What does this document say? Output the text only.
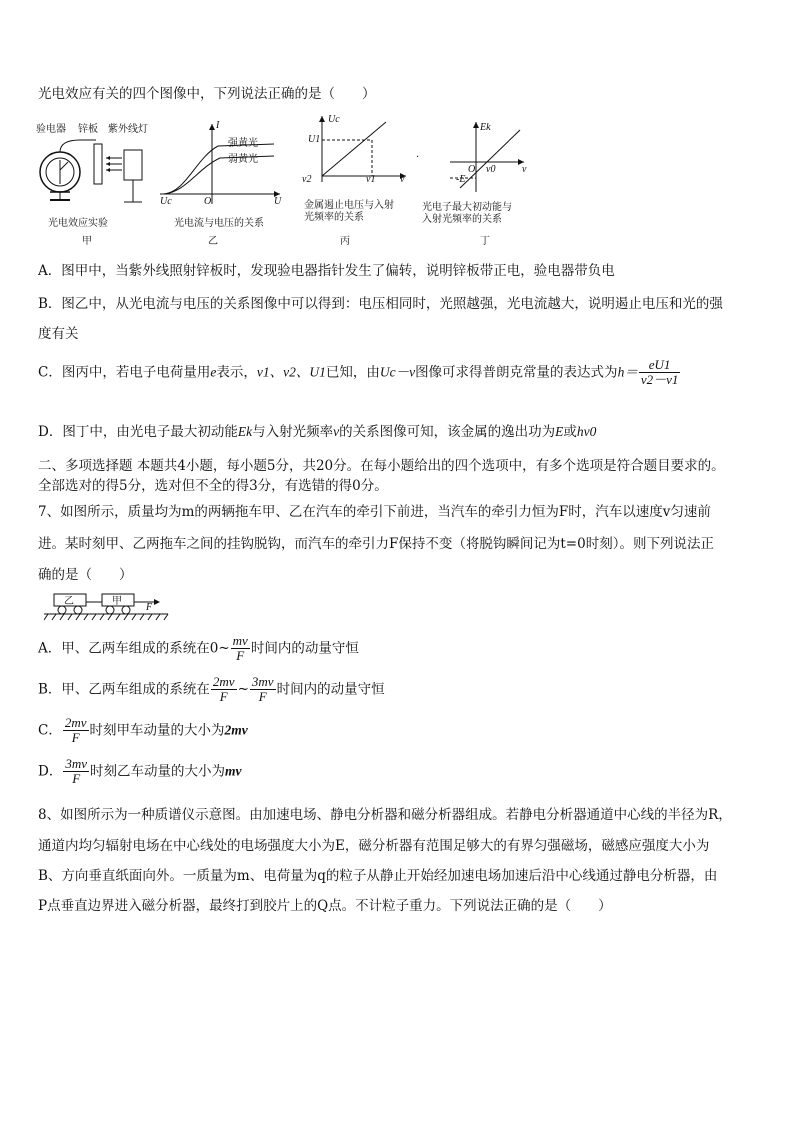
光电效应有关的四个图像中，下列说法正确的是（　　）
验电器 锌板 紫外线灯
光电效应实验
甲
I
强黄光
弱黄光
Uc	O	U
光电流与电压的关系
乙
Uc
U1
ν2	ν1 ν
金属遏止电压与入射
光频率的关系
丙
·
Ek
-E
O ν0	ν
光电子最大初动能与
入射光频率的关系
丁
A．图甲中，当紫外线照射锌板时，发现验电器指针发生了偏转，说明锌板带正电，验电器带负电
B．图乙中，从光电流与电压的关系图像中可以得到：电压相同时，光照越强，光电流越大，说明遏止电压和光的强
度有关
C．图丙中，若电子电荷量用e表示，ν1、ν2、U1已知，由Uc－ν图像可求得普朗克常量的表达式为$h= \frac{eU1}{\nu 2-\nu 1}$
D．图丁中，由光电子最大初动能Ek与入射光频率ν的关系图像可知，该金属的逸出功为E或hν0
二、多项选择题 本题共4小题，每小题5分，共20分。在每小题给出的四个选项中，有多个选项是符合题目要求的。
全部选对的得5分，选对但不全的得3分，有选错的得0分。
7、如图所示，质量均为m的两辆拖车甲、乙在汽车的牵引下前进，当汽车的牵引力恒为F时，汽车以速度v匀速前
进。某时刻甲、乙两拖车之间的挂钩脱钩，而汽车的牵引力F保持不变（将脱钩瞬间记为t=0时刻）。则下列说法正
确的是（　　）
乙	甲
F
A．甲、乙两车组成的系统在0~ $\frac{mv}{F}$ 时间内的动量守恒
B．甲、乙两车组成的系统在 $\frac{2mv}{F}$ ~ $\frac{3mv}{F}$ 时间内的动量守恒
C． $\frac{2mv}{F}$ 时刻甲车动量的大小为2mv
D． $\frac{3mv}{F}$ 时刻乙车动量的大小为mv
8、如图所示为一种质谱仪示意图。由加速电场、静电分析器和磁分析器组成。若静电分析器通道中心线的半径为R，
通道内均匀辐射电场在中心线处的电场强度大小为E，磁分析器有范围足够大的有界匀强磁场，磁感应强度大小为
B、方向垂直纸面向外。一质量为m、电荷量为q的粒子从静止开始经加速电场加速后沿中心线通过静电分析器，由
P点垂直边界进入磁分析器，最终打到胶片上的Q点。不计粒子重力。下列说法正确的是（　　）
